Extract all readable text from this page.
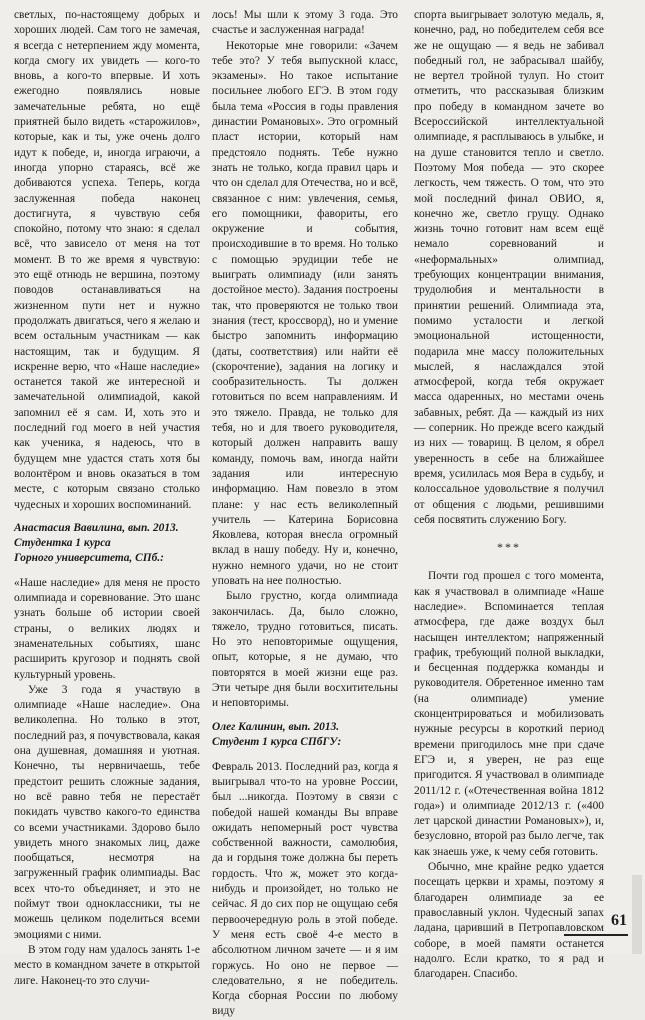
светлых, по-настоящему добрых и хороших людей. Сам того не замечая, я всегда с нетерпением жду момента, когда смогу их увидеть — кого-то вновь, а кого-то впервые. И хоть ежегодно появлялись новые замечательные ребята, но ещё приятней было видеть «старожилов», которые, как и ты, уже очень долго идут к победе, и, иногда играючи, а иногда упорно стараясь, всё же добиваются успеха. Теперь, когда заслуженная победа наконец достигнута, я чувствую себя спокойно, потому что знаю: я сделал всё, что зависело от меня на тот момент. В то же время я чувствую: это ещё отнюдь не вершина, поэтому поводов останавливаться на жизненном пути нет и нужно продолжать двигаться, чего я желаю и всем остальным участникам — как настоящим, так и будущим. Я искренне верю, что «Наше наследие» останется такой же интересной и замечательной олимпиадой, какой запомнил её я сам. И, хоть это и последний год моего в ней участия как ученика, я надеюсь, что в будущем мне удастся стать хотя бы волонтёром и вновь оказаться в том месте, с которым связано столько чудесных и хороших воспоминаний.

Анастасия Вавилина, вып. 2013.
Студентка 1 курса
Горного университета, СПб.:

«Наше наследие» для меня не просто олимпиада и соревнование. Это шанс узнать больше об истории своей страны, о великих людях и знаменательных событиях, шанс расширить кругозор и поднять свой культурный уровень.

Уже 3 года я участвую в олимпиаде «Наше наследие». Она великолепна. Но только в этот, последний раз, я почувствовала, какая она душевная, домашняя и уютная. Конечно, ты нервничаешь, тебе предстоит решить сложные задания, но всё равно тебя не перестаёт покидать чувство какого-то единства со всеми участниками. Здорово было увидеть много знакомых лиц, даже пообщаться, несмотря на загруженный график олимпиады. Вас всех что-то объединяет, и это не поймут твои одноклассники, ты не можешь целиком поделиться всеми эмоциями с ними.

В этом году нам удалось занять 1-е место в командном зачете в открытой лиге. Наконец-то это случи-

лось! Мы шли к этому 3 года. Это счастье и заслуженная награда!

Некоторые мне говорили: «Зачем тебе это? У тебя выпускной класс, экзамены». Но такое испытание посильнее любого ЕГЭ. В этом году была тема «Россия в годы правления династии Романовых». Это огромный пласт истории, который нам предстояло поднять. Тебе нужно знать не только, когда правил царь и что он сделал для Отечества, но и всё, связанное с ним: увлечения, семья, его помощники, фавориты, его окружение и события, происходившие в то время. Но только с помощью эрудиции тебе не выиграть олимпиаду (или занять достойное место). Задания построены так, что проверяются не только твои знания (тест, кроссворд), но и умение быстро запомнить информацию (даты, соответствия) или найти её (скорочтение), задания на логику и сообразительность. Ты должен готовиться по всем направлениям. И это тяжело. Правда, не только для тебя, но и для твоего руководителя, который должен направить вашу команду, помочь вам, иногда найти задания или интересную информацию. Нам повезло в этом плане: у нас есть великолепный учитель — Катерина Борисовна Яковлева, которая внесла огромный вклад в нашу победу. Ну и, конечно, нужно немного удачи, но не стоит уповать на нее полностью.

Было грустно, когда олимпиада закончилась. Да, было сложно, тяжело, трудно готовиться, писать. Но это неповторимые ощущения, опыт, которые, я не думаю, что повторятся в моей жизни еще раз. Эти четыре дня были восхитительны и неповторимы.

Олег Калинин, вып. 2013.
Студент 1 курса СПбГУ:

Февраль 2013. Последний раз, когда я выигрывал что-то на уровне России, был ...никогда. Поэтому в связи с победой нашей команды Вы вправе ожидать непомерный рост чувства собственной важности, самолюбия, да и гордыня тоже должна бы переть гордость. Что ж, может это когда-нибудь и произойдет, но только не сейчас. Я до сих пор не ощущаю себя первоочередную роль в этой победе. У меня есть своё 4-е место в абсолютном личном зачете — и я им горжусь. Но оно не первое — следовательно, я не победитель. Когда сборная России по любому виду

спорта выигрывает золотую медаль, я, конечно, рад, но победителем себя все же не ощущаю — я ведь не забивал победный гол, не забрасывал шайбу, не вертел тройной тулуп. Но стоит отметить, что рассказывая близким про победу в командном зачете во Всероссийской интеллектуальной олимпиаде, я расплываюсь в улыбке, и на душе становится тепло и светло. Поэтому Моя победа — это скорее легкость, чем тяжесть. О том, что это мой последний финал ОВИО, я, конечно же, светло грущу. Однако жизнь точно готовит нам всем ещё немало соревнований и «неформальных» олимпиад, требующих концентрации внимания, трудолюбия и ментальности в принятии решений. Олимпиада эта, помимо усталости и легкой эмоциональной истощенности, подарила мне массу положительных мыслей, я наслаждался этой атмосферой, когда тебя окружает масса одаренных, но местами очень забавных, ребят. Да — каждый из них — соперник. Но прежде всего каждый из них — товарищ. В целом, я обрел уверенность в себе на ближайшее время, усилилась моя Вера в судьбу, и колоссальное удовольствие я получил от общения с людьми, решившими себя посвятить служению Богу.

***

Почти год прошел с того момента, как я участвовал в олимпиаде «Наше наследие». Вспоминается теплая атмосфера, где даже воздух был насыщен интеллектом; напряженный график, требующий полной выкладки, и бесценная поддержка команды и руководителя. Обретенное именно там (на олимпиаде) умение сконцентрироваться и мобилизовать нужные ресурсы в короткий период времени пригодилось мне при сдаче ЕГЭ и, я уверен, не раз еще пригодится. Я участвовал в олимпиаде 2011/12 г. («Отечественная война 1812 года») и олимпиаде 2012/13 г. («400 лет царской династии Романовых»), и, безусловно, второй раз было легче, так как знаешь уже, к чему себя готовить.

Обычно, мне крайне редко удается посещать церкви и храмы, поэтому я благодарен олимпиаде за ее православный уклон. Чудесный запах ладана, царивший в Петропавловском соборе, в моей памяти останется надолго. Если кратко, то я рад и благодарен. Спасибо.

61
